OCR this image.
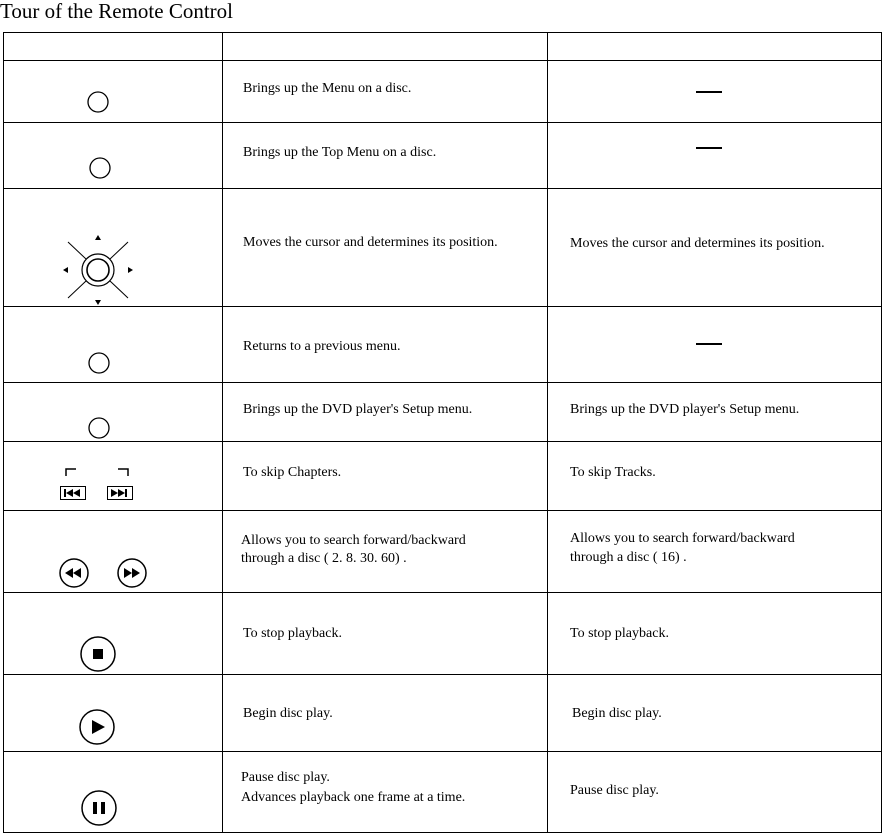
Tour of the Remote Control

Brings up the Menu on a disc.	

Brings up the Top Menu on a disc.	

Moves the cursor and determines its position.	Moves the cursor and determines its position.

Returns to a previous menu.	

Brings up the DVD player's Setup menu.	Brings up the DVD player's Setup menu.

To skip Chapters.	To skip Tracks.

Allows you to search forward/backward
through a disc ( 2. 8. 30. 60) .	Allows you to search forward/backward
through a disc ( 16) .

To stop playback.	To stop playback.

Begin disc play.	Begin disc play.

Pause disc play.
Advances playback one frame at a time.	Pause disc play.
